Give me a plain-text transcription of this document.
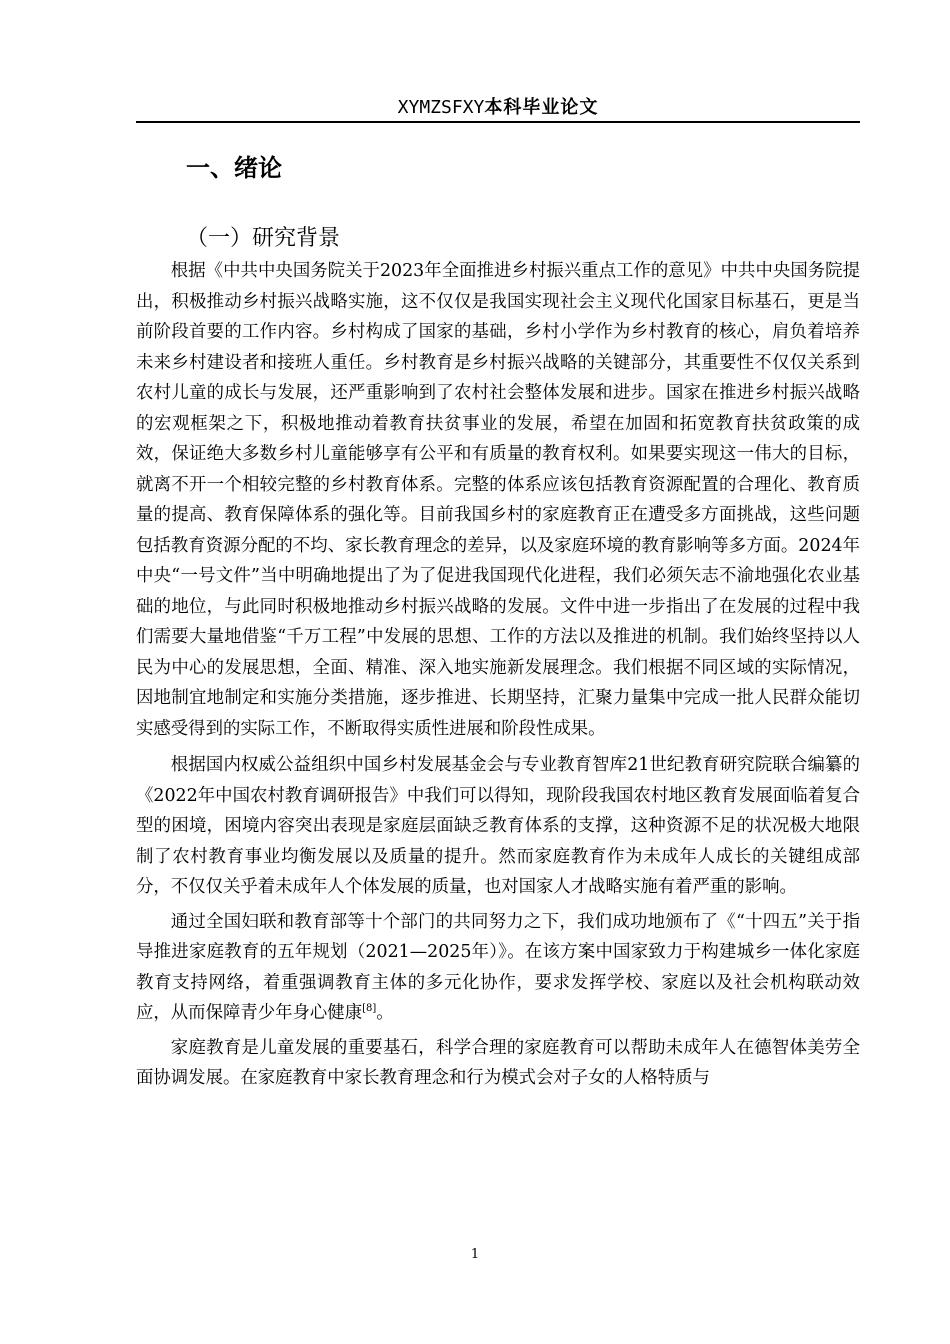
XYMZSFXY本科毕业论文
一、绪论
（一）研究背景

根据《中共中央国务院关于2023年全面推进乡村振兴重点工作的意见》中共中央国务院提出，积极推动乡村振兴战略实施，这不仅仅是我国实现社会主义现代化国家目标基石，更是当前阶段首要的工作内容。乡村构成了国家的基础，乡村小学作为乡村教育的核心，肩负着培养未来乡村建设者和接班人重任。乡村教育是乡村振兴战略的关键部分，其重要性不仅仅关系到农村儿童的成长与发展，还严重影响到了农村社会整体发展和进步。国家在推进乡村振兴战略的宏观框架之下，积极地推动着教育扶贫事业的发展，希望在加固和拓宽教育扶贫政策的成效，保证绝大多数乡村儿童能够享有公平和有质量的教育权利。如果要实现这一伟大的目标，就离不开一个相较完整的乡村教育体系。完整的体系应该包括教育资源配置的合理化、教育质量的提高、教育保障体系的强化等。目前我国乡村的家庭教育正在遭受多方面挑战，这些问题包括教育资源分配的不均、家长教育理念的差异，以及家庭环境的教育影响等多方面。2024年中央“一号文件”当中明确地提出了为了促进我国现代化进程，我们必须矢志不渝地强化农业基础的地位，与此同时积极地推动乡村振兴战略的发展。文件中进一步指出了在发展的过程中我们需要大量地借鉴“千万工程”中发展的思想、工作的方法以及推进的机制。我们始终坚持以人民为中心的发展思想，全面、精准、深入地实施新发展理念。我们根据不同区域的实际情况，因地制宜地制定和实施分类措施，逐步推进、长期坚持，汇聚力量集中完成一批人民群众能切实感受得到的实际工作，不断取得实质性进展和阶段性成果。

根据国内权威公益组织中国乡村发展基金会与专业教育智库21世纪教育研究院联合编纂的《2022年中国农村教育调研报告》中我们可以得知，现阶段我国农村地区教育发展面临着复合型的困境，困境内容突出表现是家庭层面缺乏教育体系的支撑，这种资源不足的状况极大地限制了农村教育事业均衡发展以及质量的提升。然而家庭教育作为未成年人成长的关键组成部分，不仅仅关乎着未成年人个体发展的质量，也对国家人才战略实施有着严重的影响。

通过全国妇联和教育部等十个部门的共同努力之下，我们成功地颁布了《“十四五”关于指导推进家庭教育的五年规划（2021—2025年）》。在该方案中国家致力于构建城乡一体化家庭教育支持网络，着重强调教育主体的多元化协作，要求发挥学校、家庭以及社会机构联动效应，从而保障青少年身心健康[8]。

家庭教育是儿童发展的重要基石，科学合理的家庭教育可以帮助未成年人在德智体美劳全面协调发展。在家庭教育中家长教育理念和行为模式会对子女的人格特质与

1
